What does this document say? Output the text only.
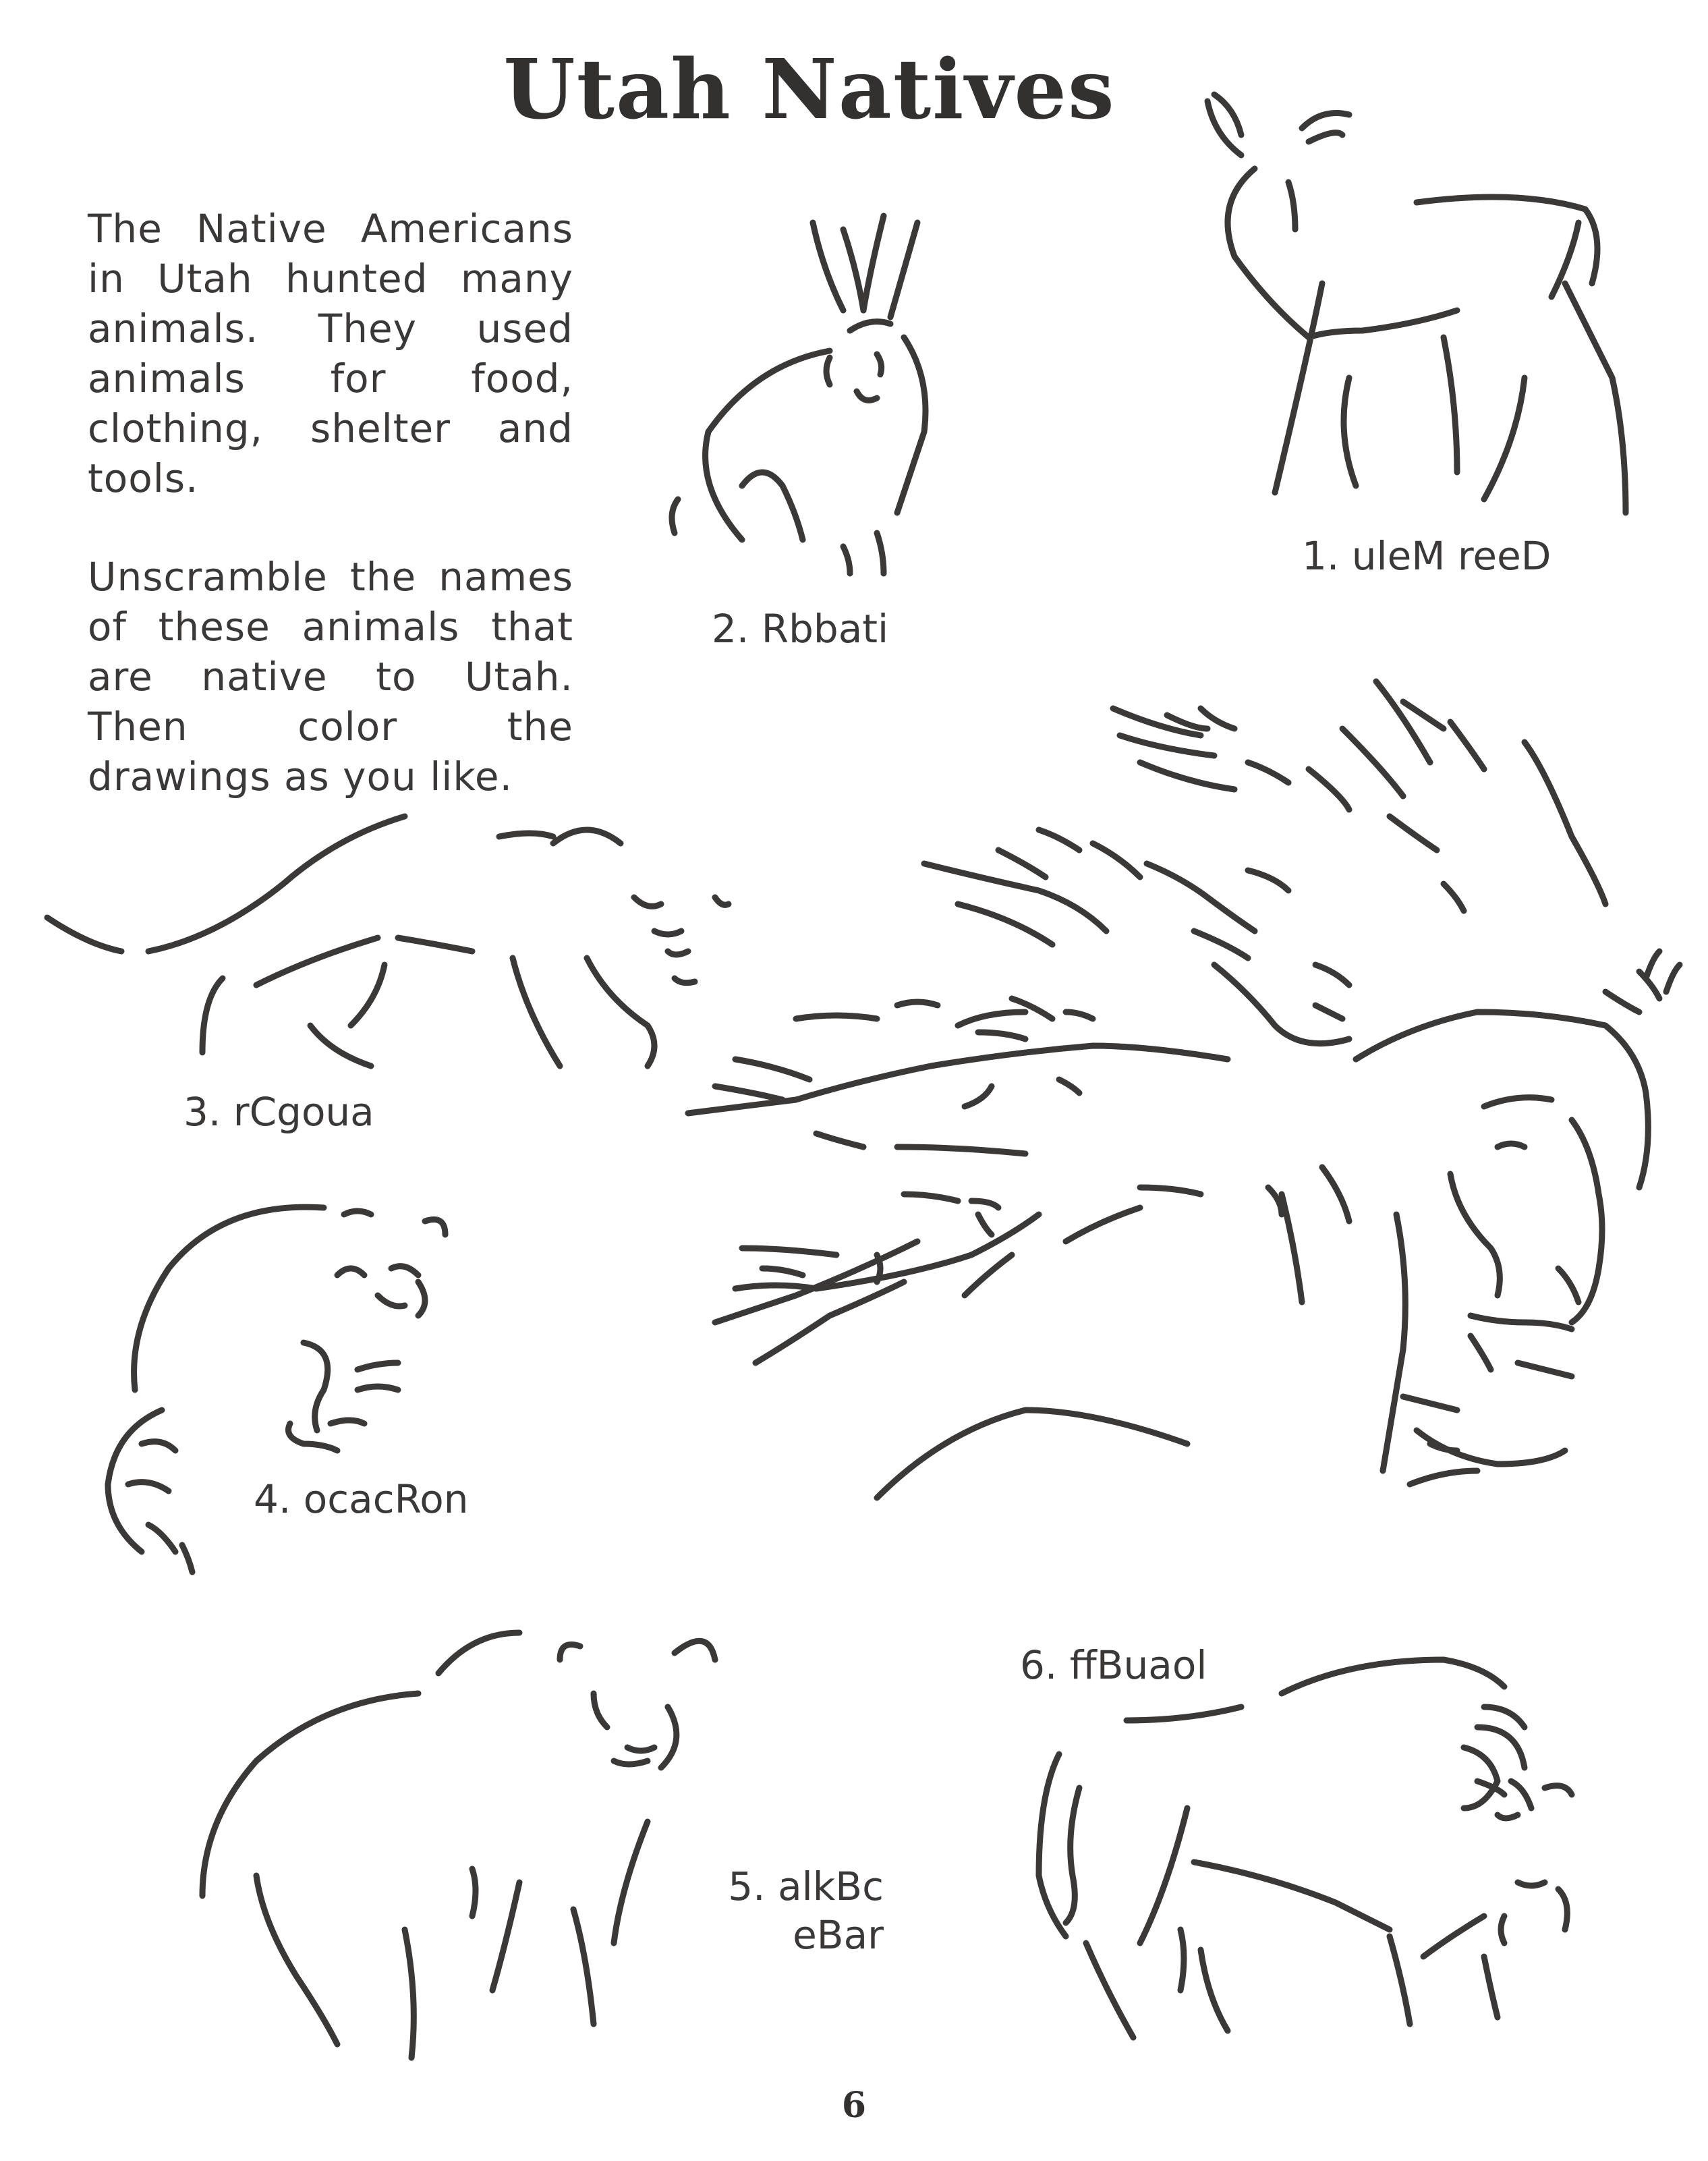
Utah Natives
The Native Americans in Utah hunted many animals. They used animals for food, clothing, shelter and tools.
Unscramble the names of these animals that are native to Utah. Then color the drawings as you like.
1. uleM reeD
2. Rbbati
3. rCgoua
4. ocacRon
5. alkBc
eBar
6. ffBuaol
6
